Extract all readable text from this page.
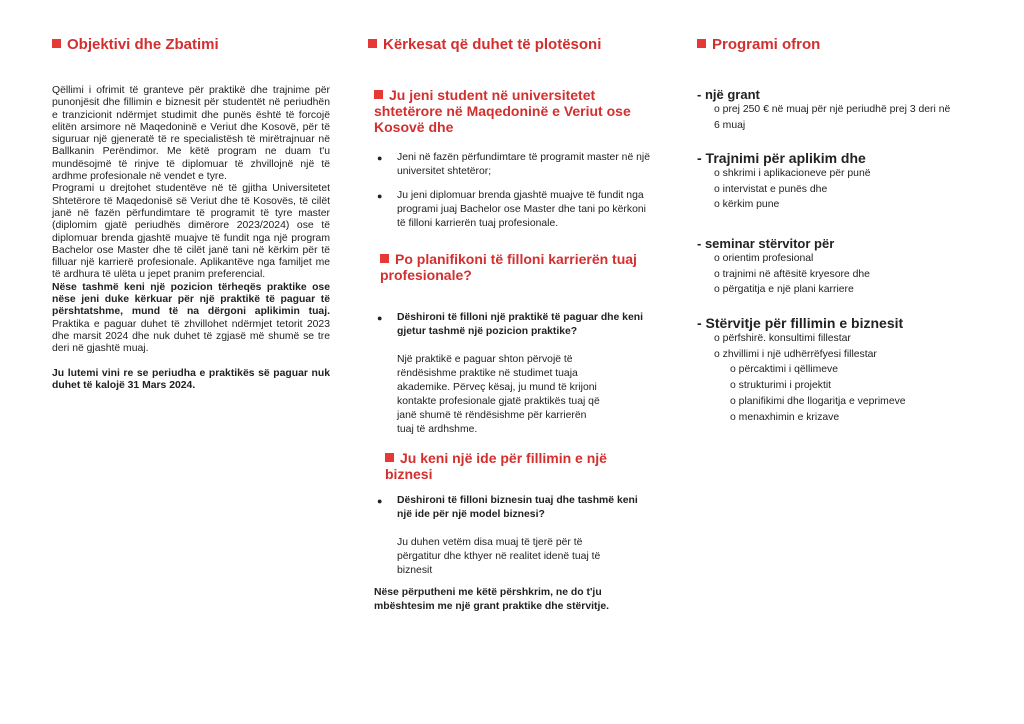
Objektivi dhe Zbatimi

Qëllimi i ofrimit të granteve për praktikë dhe trajnime për punonjësit dhe fillimin e biznesit për studentët në periudhën e tranzicionit ndërmjet studimit dhe punës është të forcojë elitën arsimore në Maqedoninë e Veriut dhe Kosovë, për të siguruar një gjeneratë të re specialistësh të mirëtrajnuar në Ballkanin Perëndimor. Me këtë program ne duam t'u mundësojmë të rinjve të diplomuar të zhvillojnë një të ardhme profesionale në vendet e tyre.

Programi u drejtohet studentëve në të gjitha Universitetet Shtetërore të Maqedonisë së Veriut dhe të Kosovës, të cilët janë në fazën përfundimtare të programit të tyre master (diplomim gjatë periudhës dimërore 2023/2024) ose të diplomuar brenda gjashtë muajve të fundit nga një program Bachelor ose Master dhe të cilët janë tani në kërkim për të filluar një karrierë profesionale. Aplikantëve nga familjet me të ardhura të ulëta u jepet pranim preferencial.

Nëse tashmë keni një pozicion tërheqës praktike ose nëse jeni duke kërkuar për një praktikë të paguar të përshtatshme, mund të na dërgoni aplikimin tuaj. Praktika e paguar duhet të zhvillohet ndërmjet tetorit 2023 dhe marsit 2024 dhe nuk duhet të zgjasë më shumë se tre deri në gjashtë muaj.

Ju lutemi vini re se periudha e praktikës së paguar nuk duhet të kalojë 31 Mars 2024.

Kërkesat që duhet të plotësoni

Ju jeni student në universitetet shtetërore në Maqedoninë e Veriut ose Kosovë dhe

● Jeni në fazën përfundimtare të programit master në një universitet shtetëror;

● Ju jeni diplomuar brenda gjashtë muajve të fundit nga programi juaj Bachelor ose Master dhe tani po kërkoni të filloni karrierën tuaj profesionale.

Po planifikoni të filloni karrierën tuaj profesionale?

● Dëshironi të filloni një praktikë të paguar dhe keni gjetur tashmë një pozicion praktike?

Një praktikë e paguar shton përvojë të rëndësishme praktike në studimet tuaja akademike. Përveç kësaj, ju mund të krijoni kontakte profesionale gjatë praktikës tuaj që janë shumë të rëndësishme për karrierën tuaj të ardhshme.

Ju keni një ide për fillimin e një biznesi

● Dëshironi të filloni biznesin tuaj dhe tashmë keni një ide për një model biznesi?

Ju duhen vetëm disa muaj të tjerë për të përgatitur dhe kthyer në realitet idenë tuaj të biznesit

Nëse përputheni me këtë përshkrim, ne do t'ju mbështesim me një grant praktike dhe stërvitje.

Programi ofron

- një grant

o prej 250 € në muaj për një periudhë prej 3 deri në 6 muaj

- Trajnimi për aplikim dhe

o shkrimi i aplikacioneve për punë

o intervistat e punës dhe

o kërkim pune

- seminar stërvitor për

o orientim profesional

o trajnimi në aftësitë kryesore dhe

o përgatitja e një plani karriere

- Stërvitje për fillimin e biznesit

o përfshirë. konsultimi fillestar

o zhvillimi i një udhërrëfyesi fillestar

o përcaktimi i qëllimeve

o strukturimi i projektit

o planifikimi dhe llogaritja e veprimeve

o menaxhimin e krizave
